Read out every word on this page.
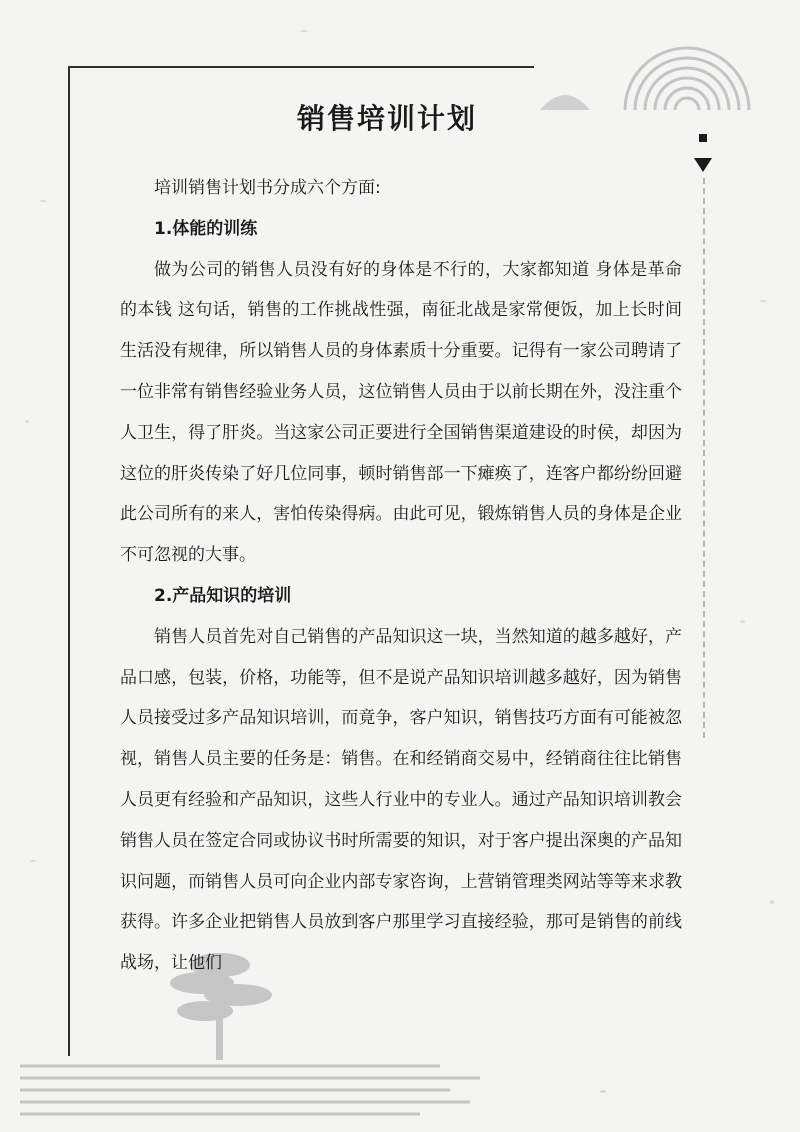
销售培训计划

培训销售计划书分成六个方面:

1.体能的训练

做为公司的销售人员没有好的身体是不行的，大家都知道 身体是革命的本钱 这句话，销售的工作挑战性强，南征北战是家常便饭，加上长时间生活没有规律，所以销售人员的身体素质十分重要。记得有一家公司聘请了一位非常有销售经验业务人员，这位销售人员由于以前长期在外，没注重个人卫生，得了肝炎。当这家公司正要进行全国销售渠道建设的时侯，却因为这位的肝炎传染了好几位同事，顿时销售部一下瘫痪了，连客户都纷纷回避此公司所有的来人，害怕传染得病。由此可见，锻炼销售人员的身体是企业不可忽视的大事。

2.产品知识的培训

销售人员首先对自己销售的产品知识这一块，当然知道的越多越好，产品口感，包装，价格，功能等，但不是说产品知识培训越多越好，因为销售人员接受过多产品知识培训，而竟争，客户知识，销售技巧方面有可能被忽视，销售人员主要的任务是：销售。在和经销商交易中，经销商往往比销售人员更有经验和产品知识，这些人行业中的专业人。通过产品知识培训教会销售人员在签定合同或协议书时所需要的知识，对于客户提出深奥的产品知识问题，而销售人员可向企业内部专家咨询，上营销管理类网站等等来求教获得。许多企业把销售人员放到客户那里学习直接经验，那可是销售的前线战场，让他们
